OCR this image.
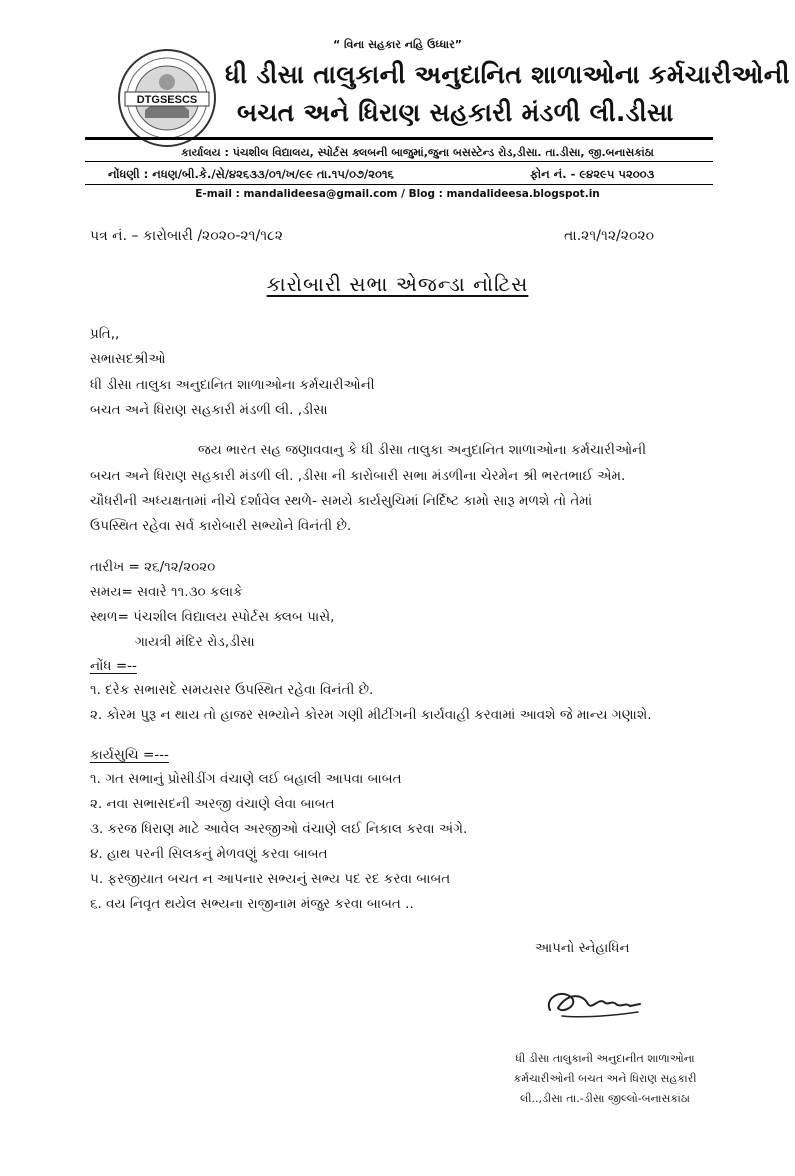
“ વિના સહકાર નહિ ઉધ્ધાર”
DTGSESCS
ધી ડીસા તાલુકાની અનુદાનિત શાળાઓના કર્મચારીઓની
બચત અને ધિરાણ સહકારી મંડળી લી.ડીસા
કાર્યાલય : પંચશીલ વિદ્યાલય, સ્પોર્ટસ ક્લબની બાજુમાં,જુના બસસ્ટેન્ડ રોડ,ડીસા. તા.ડીસા, જી.બનાસકાંઠા
નોંધણી : નધણ/બી.કે./સે/૪૨૬૩૩/૦૧/ખ/૯૯ તા.૧૫/૦૭/૨૦૧૬	ફોન નં. - ૯૪૨૯૫ ૫૨૦૦૩
E-mail : mandalideesa@gmail.com / Blog : mandalideesa.blogspot.in
પત્ર નં. – કારોબારી /૨૦૨૦-૨૧/૧૮૨	તા.૨૧/૧૨/૨૦૨૦
કારોબારી સભા એજન્ડા નોટિસ
પ્રતિ,,
સભાસદશ્રીઓ
ધી ડીસા તાલુકા અનુદાનિત શાળાઓના કર્મચારીઓની
બચત અને ધિરાણ સહકારી મંડળી લી. ,ડીસા
જય ભારત સહ જણાવવાનુ કે ધી ડીસા તાલુકા અનુદાનિત શાળાઓના કર્મચારીઓની
બચત અને ધિરાણ સહકારી મંડળી લી. ,ડીસા ની કારોબારી સભા મંડળીના ચેરમેન શ્રી ભરતભાઈ એમ.
ચૌધરીની અધ્યક્ષતામાં નીચે દર્શાવેલ સ્થળે- સમયે કાર્યસુચિમાં નિર્દિષ્ટ કામો સારૂ મળશે તો તેમાં
ઉપસ્થિત રહેવા સર્વ કારોબારી સભ્યોને વિનંતી છે.
તારીખ = ૨૬/૧૨/૨૦૨૦
સમય= સવારે ૧૧.૩૦ કલાકે
સ્થળ= પંચશીલ વિદ્યાલય સ્પોર્ટસ ક્લબ પાસે,
ગાયત્રી મંદિર રોડ,ડીસા
નોંધ =--
૧. દરેક સભાસદે સમયસર ઉપસ્થિત રહેવા વિનંતી છે.
૨. કોરમ પુરૂ ન થાય તો હાજર સભ્યોને કોરમ ગણી મીટીંગની કાર્યવાહી કરવામાં આવશે જે માન્ય ગણાશે.
કાર્યસુચિ =---
૧. ગત સભાનું પ્રોસીડીંગ વંચાણે લઈ બહાલી આપવા બાબત
૨. નવા સભાસદની અરજી વંચાણે લેવા બાબત
૩. કરજ ધિરાણ માટે આવેલ અરજીઓ વંચાણે લઈ નિકાલ કરવા અંગે.
૪. હાથ પરની સિલકનું મેળવણું કરવા બાબત
૫. ફરજીયાત બચત ન આપનાર સભ્યનું સભ્ય પદ રદ કરવા બાબત
૬. વય નિવૃત થયેલ સભ્યના રાજીનામ મંજુર કરવા બાબત ..
આપનો સ્નેહાધિન
ધી ડીસા તાલુકાની અનુદાનીત શાળાઓના
કર્મચારીઓની બચત અને ધિરાણ સહકારી
લી..,ડીસા તા.-ડીસા જીલ્લો-બનાસકાંઠા
